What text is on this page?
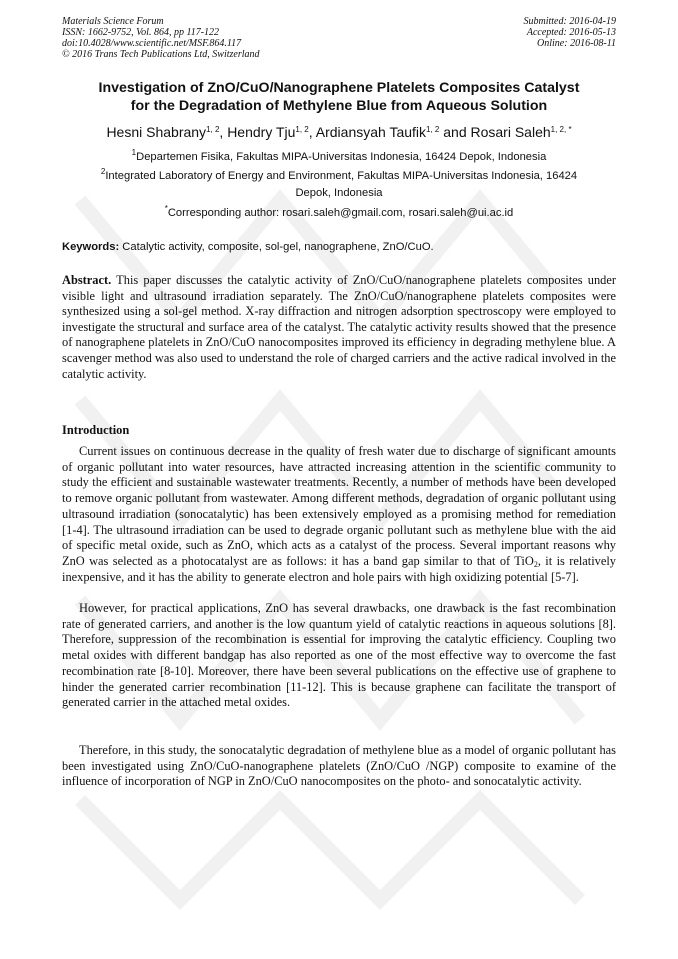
Materials Science Forum
ISSN: 1662-9752, Vol. 864, pp 117-122
doi:10.4028/www.scientific.net/MSF.864.117
© 2016 Trans Tech Publications Ltd, Switzerland
Submitted: 2016-04-19
Accepted: 2016-05-13
Online: 2016-08-11
Investigation of ZnO/CuO/Nanographene Platelets Composites Catalyst
for the Degradation of Methylene Blue from Aqueous Solution
Hesni Shabrany$^{1, 2}$, Hendry Tju$^{1, 2}$, Ardiansyah Taufik$^{1, 2}$ and Rosari Saleh$^{1, 2, *}$
$^1$Departemen Fisika, Fakultas MIPA-Universitas Indonesia, 16424 Depok, Indonesia
$^2$Integrated Laboratory of Energy and Environment, Fakultas MIPA-Universitas Indonesia, 16424
Depok, Indonesia
*Corresponding author: rosari.saleh@gmail.com, rosari.saleh@ui.ac.id
Keywords: Catalytic activity, composite, sol-gel, nanographene, ZnO/CuO.

Abstract. This paper discusses the catalytic activity of ZnO/CuO/nanographene platelets composites under visible light and ultrasound irradiation separately. The ZnO/CuO/nanographene platelets composites were synthesized using a sol-gel method. X-ray diffraction and nitrogen adsorption spectroscopy were employed to investigate the structural and surface area of the catalyst. The catalytic activity results showed that the presence of nanographene platelets in ZnO/CuO nanocomposites improved its efficiency in degrading methylene blue. A scavenger method was also used to understand the role of charged carriers and the active radical involved in the catalytic activity.

Introduction

Current issues on continuous decrease in the quality of fresh water due to discharge of significant amounts of organic pollutant into water resources, have attracted increasing attention in the scientific community to study the efficient and sustainable wastewater treatments. Recently, a number of methods have been developed to remove organic pollutant from wastewater. Among different methods, degradation of organic pollutant using ultrasound irradiation (sonocatalytic) has been extensively employed as a promising method for remediation [1-4]. The ultrasound irradiation can be used to degrade organic pollutant such as methylene blue with the aid of specific metal oxide, such as ZnO, which acts as a catalyst of the process. Several important reasons why ZnO was selected as a photocatalyst are as follows: it has a band gap similar to that of TiO2, it is relatively inexpensive, and it has the ability to generate electron and hole pairs with high oxidizing potential [5-7].

However, for practical applications, ZnO has several drawbacks, one drawback is the fast recombination rate of generated carriers, and another is the low quantum yield of catalytic reactions in aqueous solutions [8]. Therefore, suppression of the recombination is essential for improving the catalytic efficiency. Coupling two metal oxides with different bandgap has also reported as one of the most effective way to overcome the fast recombination rate [8-10]. Moreover, there have been several publications on the effective use of graphene to hinder the generated carrier recombination [11-12]. This is because graphene can facilitate the transport of generated carrier in the attached metal oxides.

Therefore, in this study, the sonocatalytic degradation of methylene blue as a model of organic pollutant has been investigated using ZnO/CuO-nanographene platelets (ZnO/CuO /NGP) composite to examine of the influence of incorporation of NGP in ZnO/CuO nanocomposites on the photo- and sonocatalytic activity.
